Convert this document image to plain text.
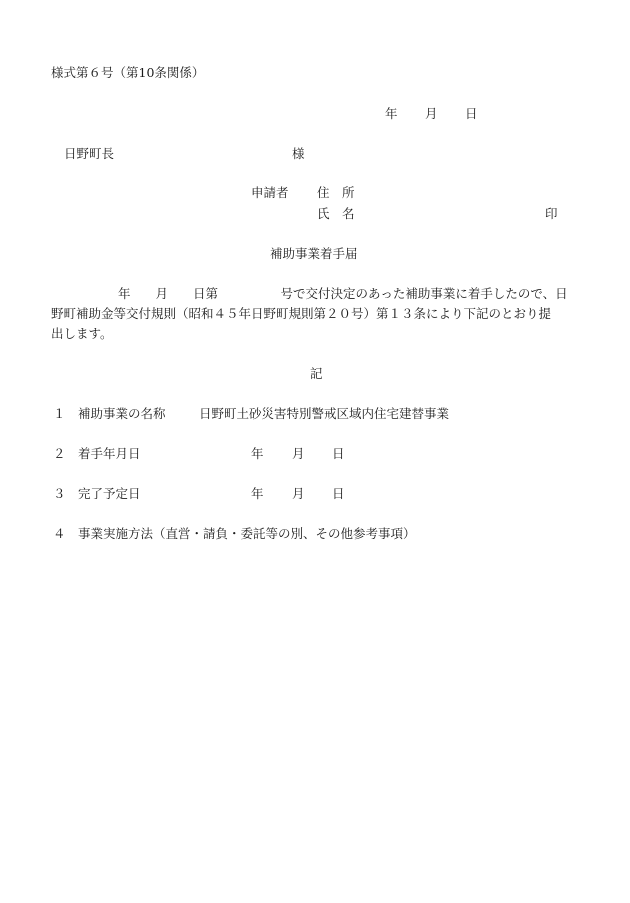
様式第６号（第10条関係）
年 月 日
日野町長	様
申請者 住　所
氏　名	印
補助事業着手届
年　　月　　日第　　　　　号で交付決定のあった補助事業に着手したので、日
野町補助金等交付規則（昭和４５年日野町規則第２０号）第１３条により下記のとおり提
出します。
記
１ 補助事業の名称	日野町土砂災害特別警戒区域内住宅建替事業
２ 着手年月日	年 月 日
３ 完了予定日	年 月 日
４ 事業実施方法（直営・請負・委託等の別、その他参考事項）
